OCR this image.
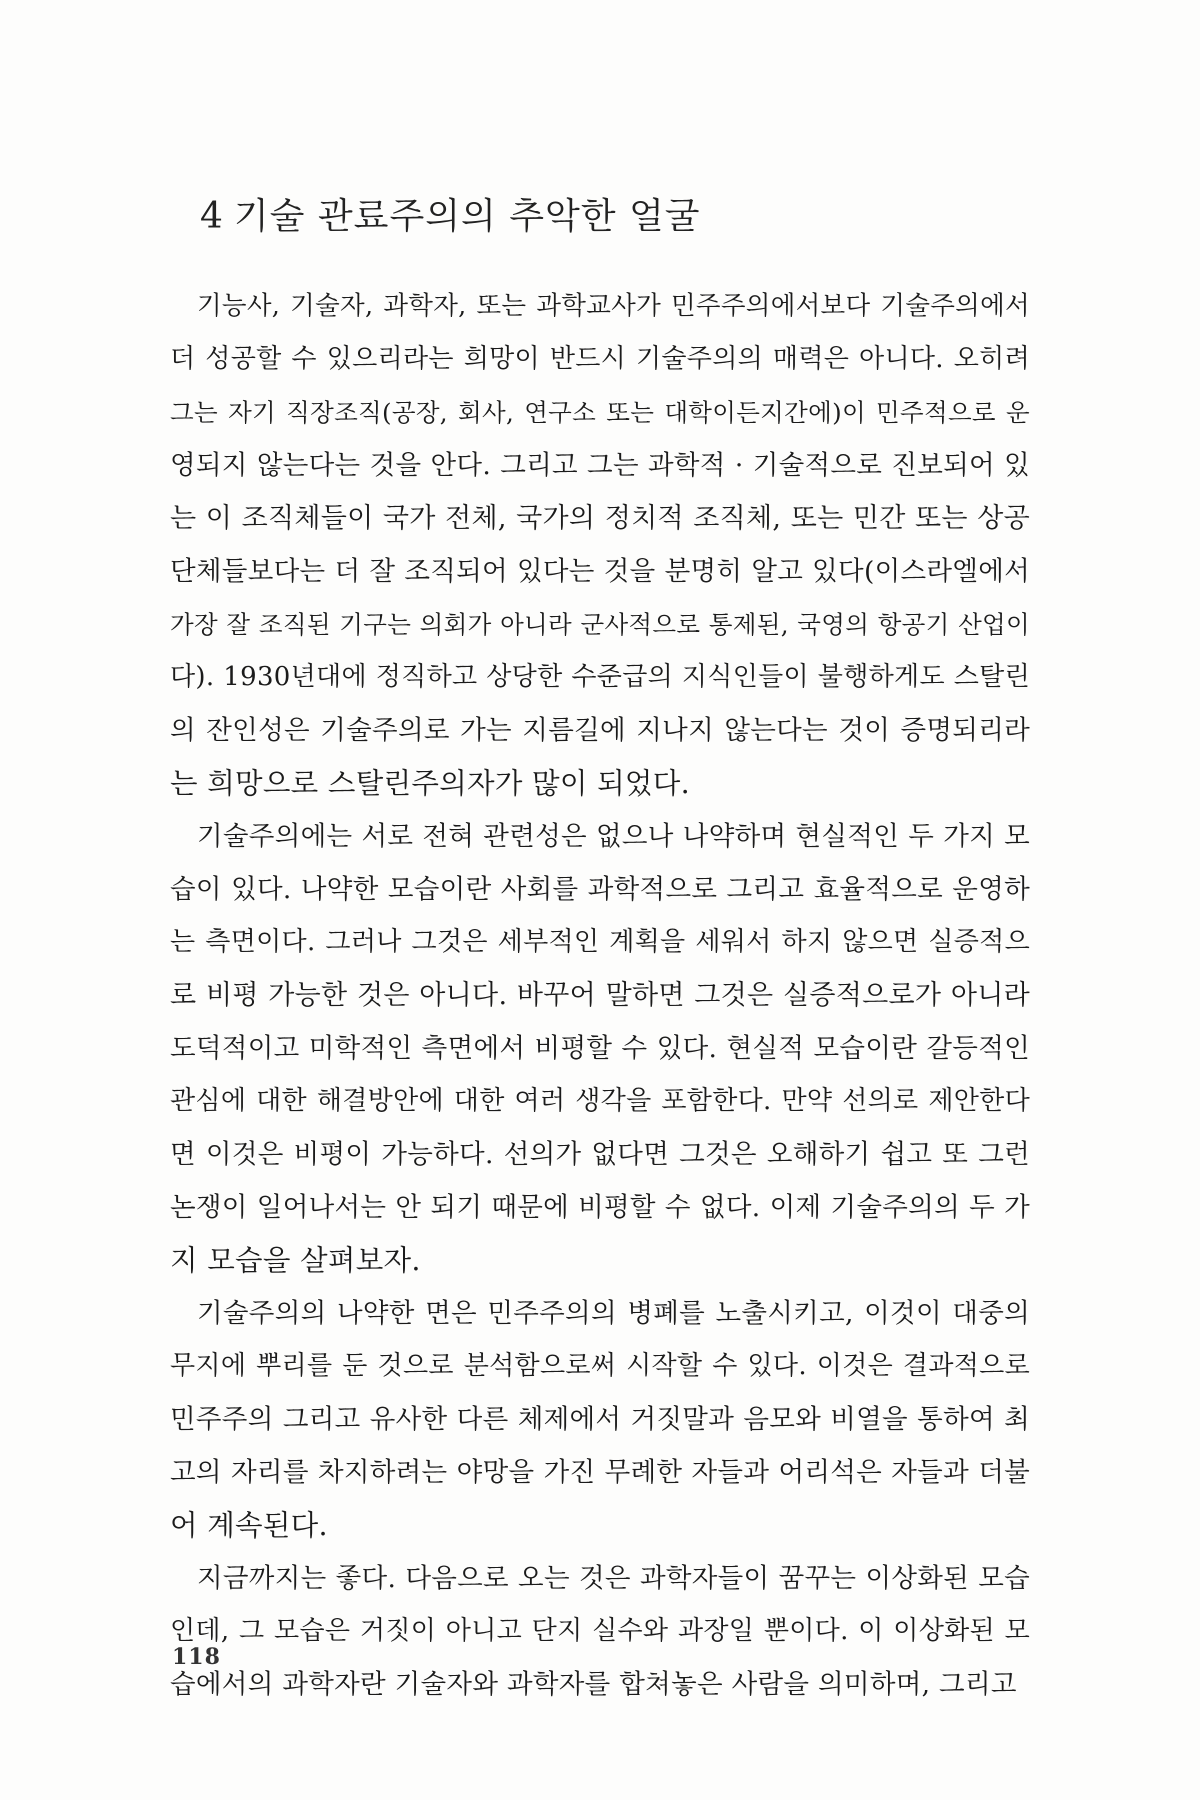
4 기술 관료주의의 추악한 얼굴
기능사, 기술자, 과학자, 또는 과학교사가 민주주의에서보다 기술주의에서
더 성공할 수 있으리라는 희망이 반드시 기술주의의 매력은 아니다. 오히려
그는 자기 직장조직(공장, 회사, 연구소 또는 대학이든지간에)이 민주적으로 운
영되지 않는다는 것을 안다. 그리고 그는 과학적 · 기술적으로 진보되어 있
는 이 조직체들이 국가 전체, 국가의 정치적 조직체, 또는 민간 또는 상공
단체들보다는 더 잘 조직되어 있다는 것을 분명히 알고 있다(이스라엘에서
가장 잘 조직된 기구는 의회가 아니라 군사적으로 통제된, 국영의 항공기 산업이
다). 1930년대에 정직하고 상당한 수준급의 지식인들이 불행하게도 스탈린
의 잔인성은 기술주의로 가는 지름길에 지나지 않는다는 것이 증명되리라
는 희망으로 스탈린주의자가 많이 되었다.
기술주의에는 서로 전혀 관련성은 없으나 나약하며 현실적인 두 가지 모
습이 있다. 나약한 모습이란 사회를 과학적으로 그리고 효율적으로 운영하
는 측면이다. 그러나 그것은 세부적인 계획을 세워서 하지 않으면 실증적으
로 비평 가능한 것은 아니다. 바꾸어 말하면 그것은 실증적으로가 아니라
도덕적이고 미학적인 측면에서 비평할 수 있다. 현실적 모습이란 갈등적인
관심에 대한 해결방안에 대한 여러 생각을 포함한다. 만약 선의로 제안한다
면 이것은 비평이 가능하다. 선의가 없다면 그것은 오해하기 쉽고 또 그런
논쟁이 일어나서는 안 되기 때문에 비평할 수 없다. 이제 기술주의의 두 가
지 모습을 살펴보자.
기술주의의 나약한 면은 민주주의의 병폐를 노출시키고, 이것이 대중의
무지에 뿌리를 둔 것으로 분석함으로써 시작할 수 있다. 이것은 결과적으로
민주주의 그리고 유사한 다른 체제에서 거짓말과 음모와 비열을 통하여 최
고의 자리를 차지하려는 야망을 가진 무례한 자들과 어리석은 자들과 더불
어 계속된다.
지금까지는 좋다. 다음으로 오는 것은 과학자들이 꿈꾸는 이상화된 모습
인데, 그 모습은 거짓이 아니고 단지 실수와 과장일 뿐이다. 이 이상화된 모
습에서의 과학자란 기술자와 과학자를 합쳐놓은 사람을 의미하며, 그리고
118
